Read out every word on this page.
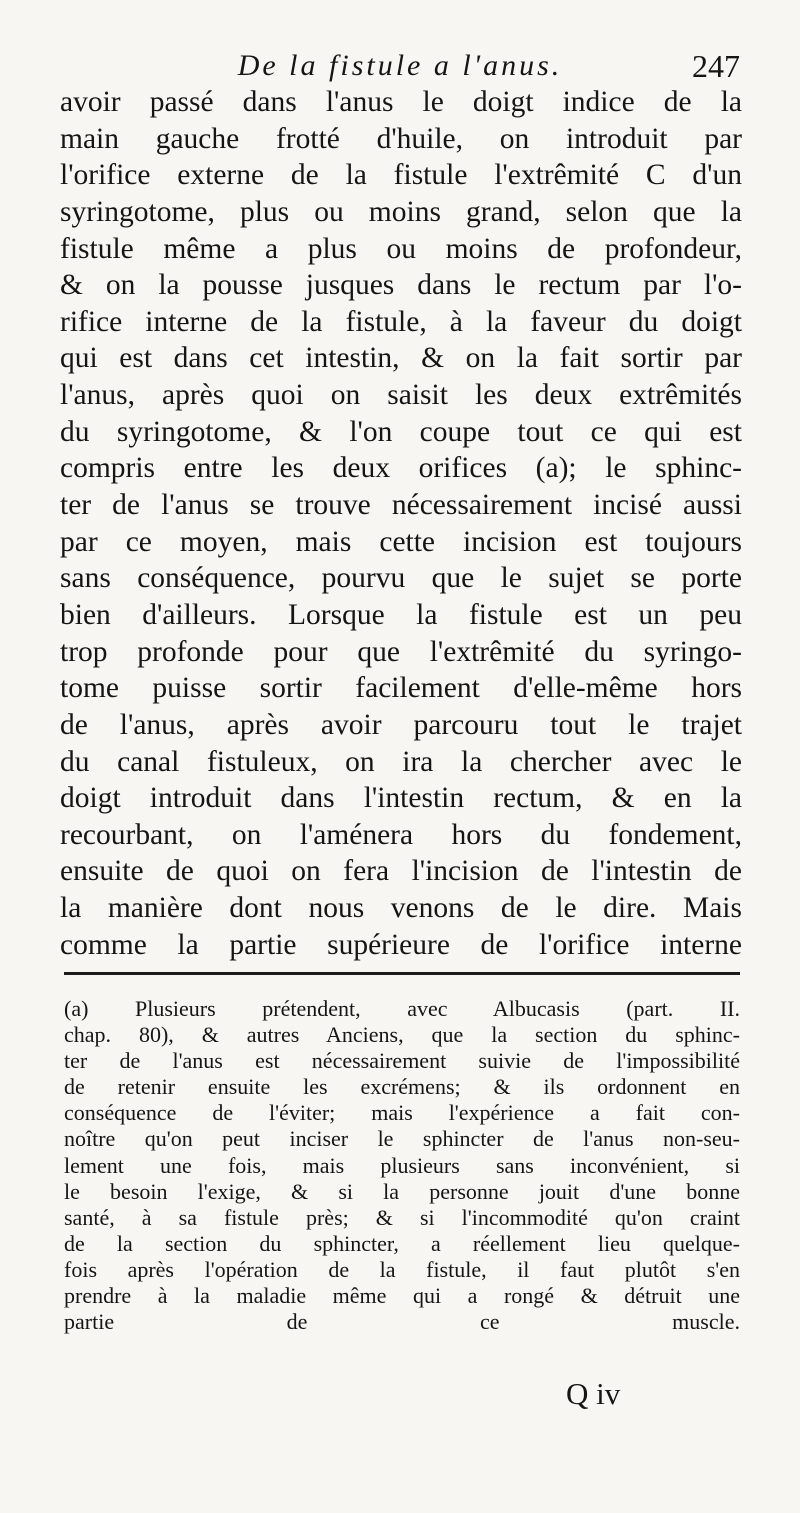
De la fistule a l'anus.	247
avoir passé dans l'anus le doigt indice de la
main gauche frotté d'huile, on introduit par
l'orifice externe de la fistule l'extrêmité C d'un
syringotome, plus ou moins grand, selon que la
fistule même a plus ou moins de profondeur,
& on la pousse jusques dans le rectum par l'o-
rifice interne de la fistule, à la faveur du doigt
qui est dans cet intestin, & on la fait sortir par
l'anus, après quoi on saisit les deux extrêmités
du syringotome, & l'on coupe tout ce qui est
compris entre les deux orifices (a); le sphinc-
ter de l'anus se trouve nécessairement incisé aussi
par ce moyen, mais cette incision est toujours
sans conséquence, pourvu que le sujet se porte
bien d'ailleurs. Lorsque la fistule est un peu
trop profonde pour que l'extrêmité du syringo-
tome puisse sortir facilement d'elle-même hors
de l'anus, après avoir parcouru tout le trajet
du canal fistuleux, on ira la chercher avec le
doigt introduit dans l'intestin rectum, & en la
recourbant, on l'aménera hors du fondement,
ensuite de quoi on fera l'incision de l'intestin de
la manière dont nous venons de le dire. Mais
comme la partie supérieure de l'orifice interne
(a) Plusieurs prétendent, avec Albucasis (part. II.
chap. 80), & autres Anciens, que la section du sphinc-
ter de l'anus est nécessairement suivie de l'impossibilité
de retenir ensuite les excrémens; & ils ordonnent en
conséquence de l'éviter; mais l'expérience a fait con-
noître qu'on peut inciser le sphincter de l'anus non-seu-
lement une fois, mais plusieurs sans inconvénient, si
le besoin l'exige, & si la personne jouit d'une bonne
santé, à sa fistule près; & si l'incommodité qu'on craint
de la section du sphincter, a réellement lieu quelque-
fois après l'opération de la fistule, il faut plutôt s'en
prendre à la maladie même qui a rongé & détruit une
partie de ce muscle.
Q iv
